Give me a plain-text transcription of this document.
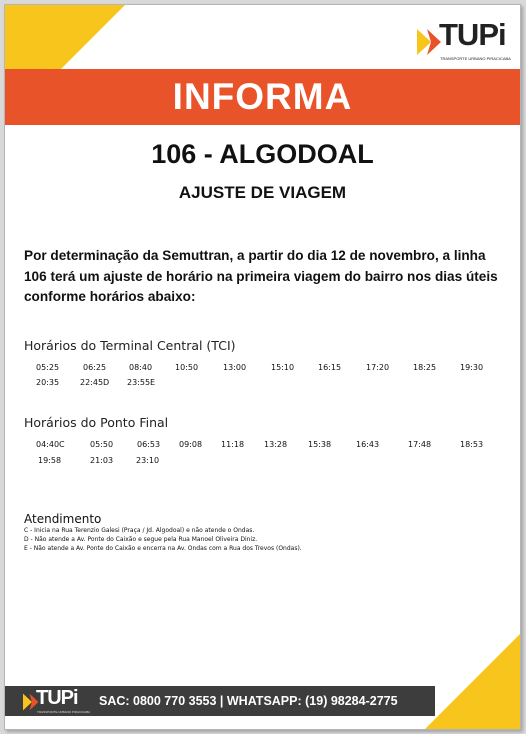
TUPi
TRANSPORTE URBANO PIRACICABA
INFORMA
106 - ALGODOAL
AJUSTE DE VIAGEM
Por determinação da Semuttran, a partir do dia 12 de novembro, a linha 106 terá um ajuste de horário na primeira viagem do bairro nos dias úteis conforme horários abaixo:
Horários do Terminal Central (TCI)
05:25	06:25	08:40	10:50	13:00	15:10	16:15	17:20	18:25	19:30
20:35	22:45D 23:55E
Horários do Ponto Final
04:40C	05:50	06:53 09:08 11:18 13:28	15:38	16:43	17:48	18:53
19:58	21:03	23:10
Atendimento
C - Inicia na Rua Terenzio Galesi (Praça / Jd. Algodoal) e não atende o Ondas.
D - Não atende a Av. Ponte do Caixão e segue pela Rua Manoel Oliveira Diniz.
E - Não atende a Av. Ponte do Caixão e encerra na Av. Ondas com a Rua dos Trevos (Ondas).
SAC: 0800 770 3553 | WHATSAPP: (19) 98284-2775
TUPi
TRANSPORTE URBANO PIRACICABA
